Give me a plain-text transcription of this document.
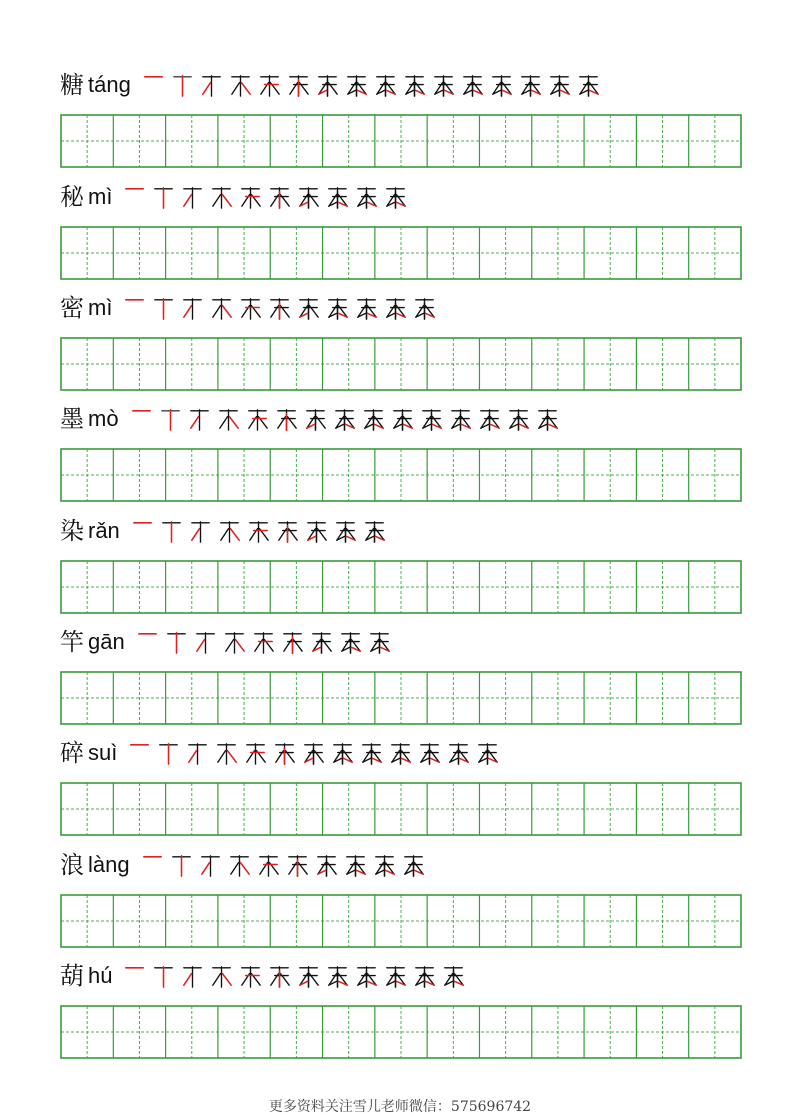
糖 táng
秘 mì
密 mì
墨 mò
染 rǎn
竿 gān
碎 suì
浪 làng
葫 hú
更多资料关注雪儿老师微信：575696742
